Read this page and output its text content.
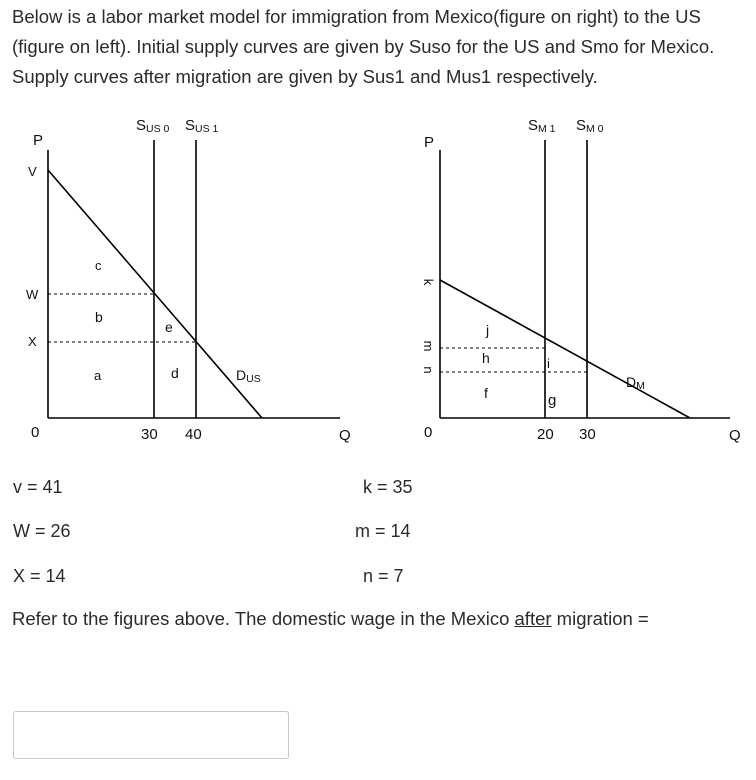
Below is a labor market model for immigration from Mexico(figure on right) to the US (figure on left). Initial supply curves are given by Suso for the US and Smo for Mexico. Supply curves after migration are given by Sus1 and Mus1 respectively.

P
Q
0
V
W
X
30 40
SUS 0 SUS 1
DUS
c
b
e
a	d
P
Q
0
k
m
n
20 30
SM 1 SM 0
DM
j
h
f
i
g
v = 41
W = 26
X = 14
k = 35
m = 14
n = 7

Refer to the figures above. The domestic wage in the Mexico after migration =
